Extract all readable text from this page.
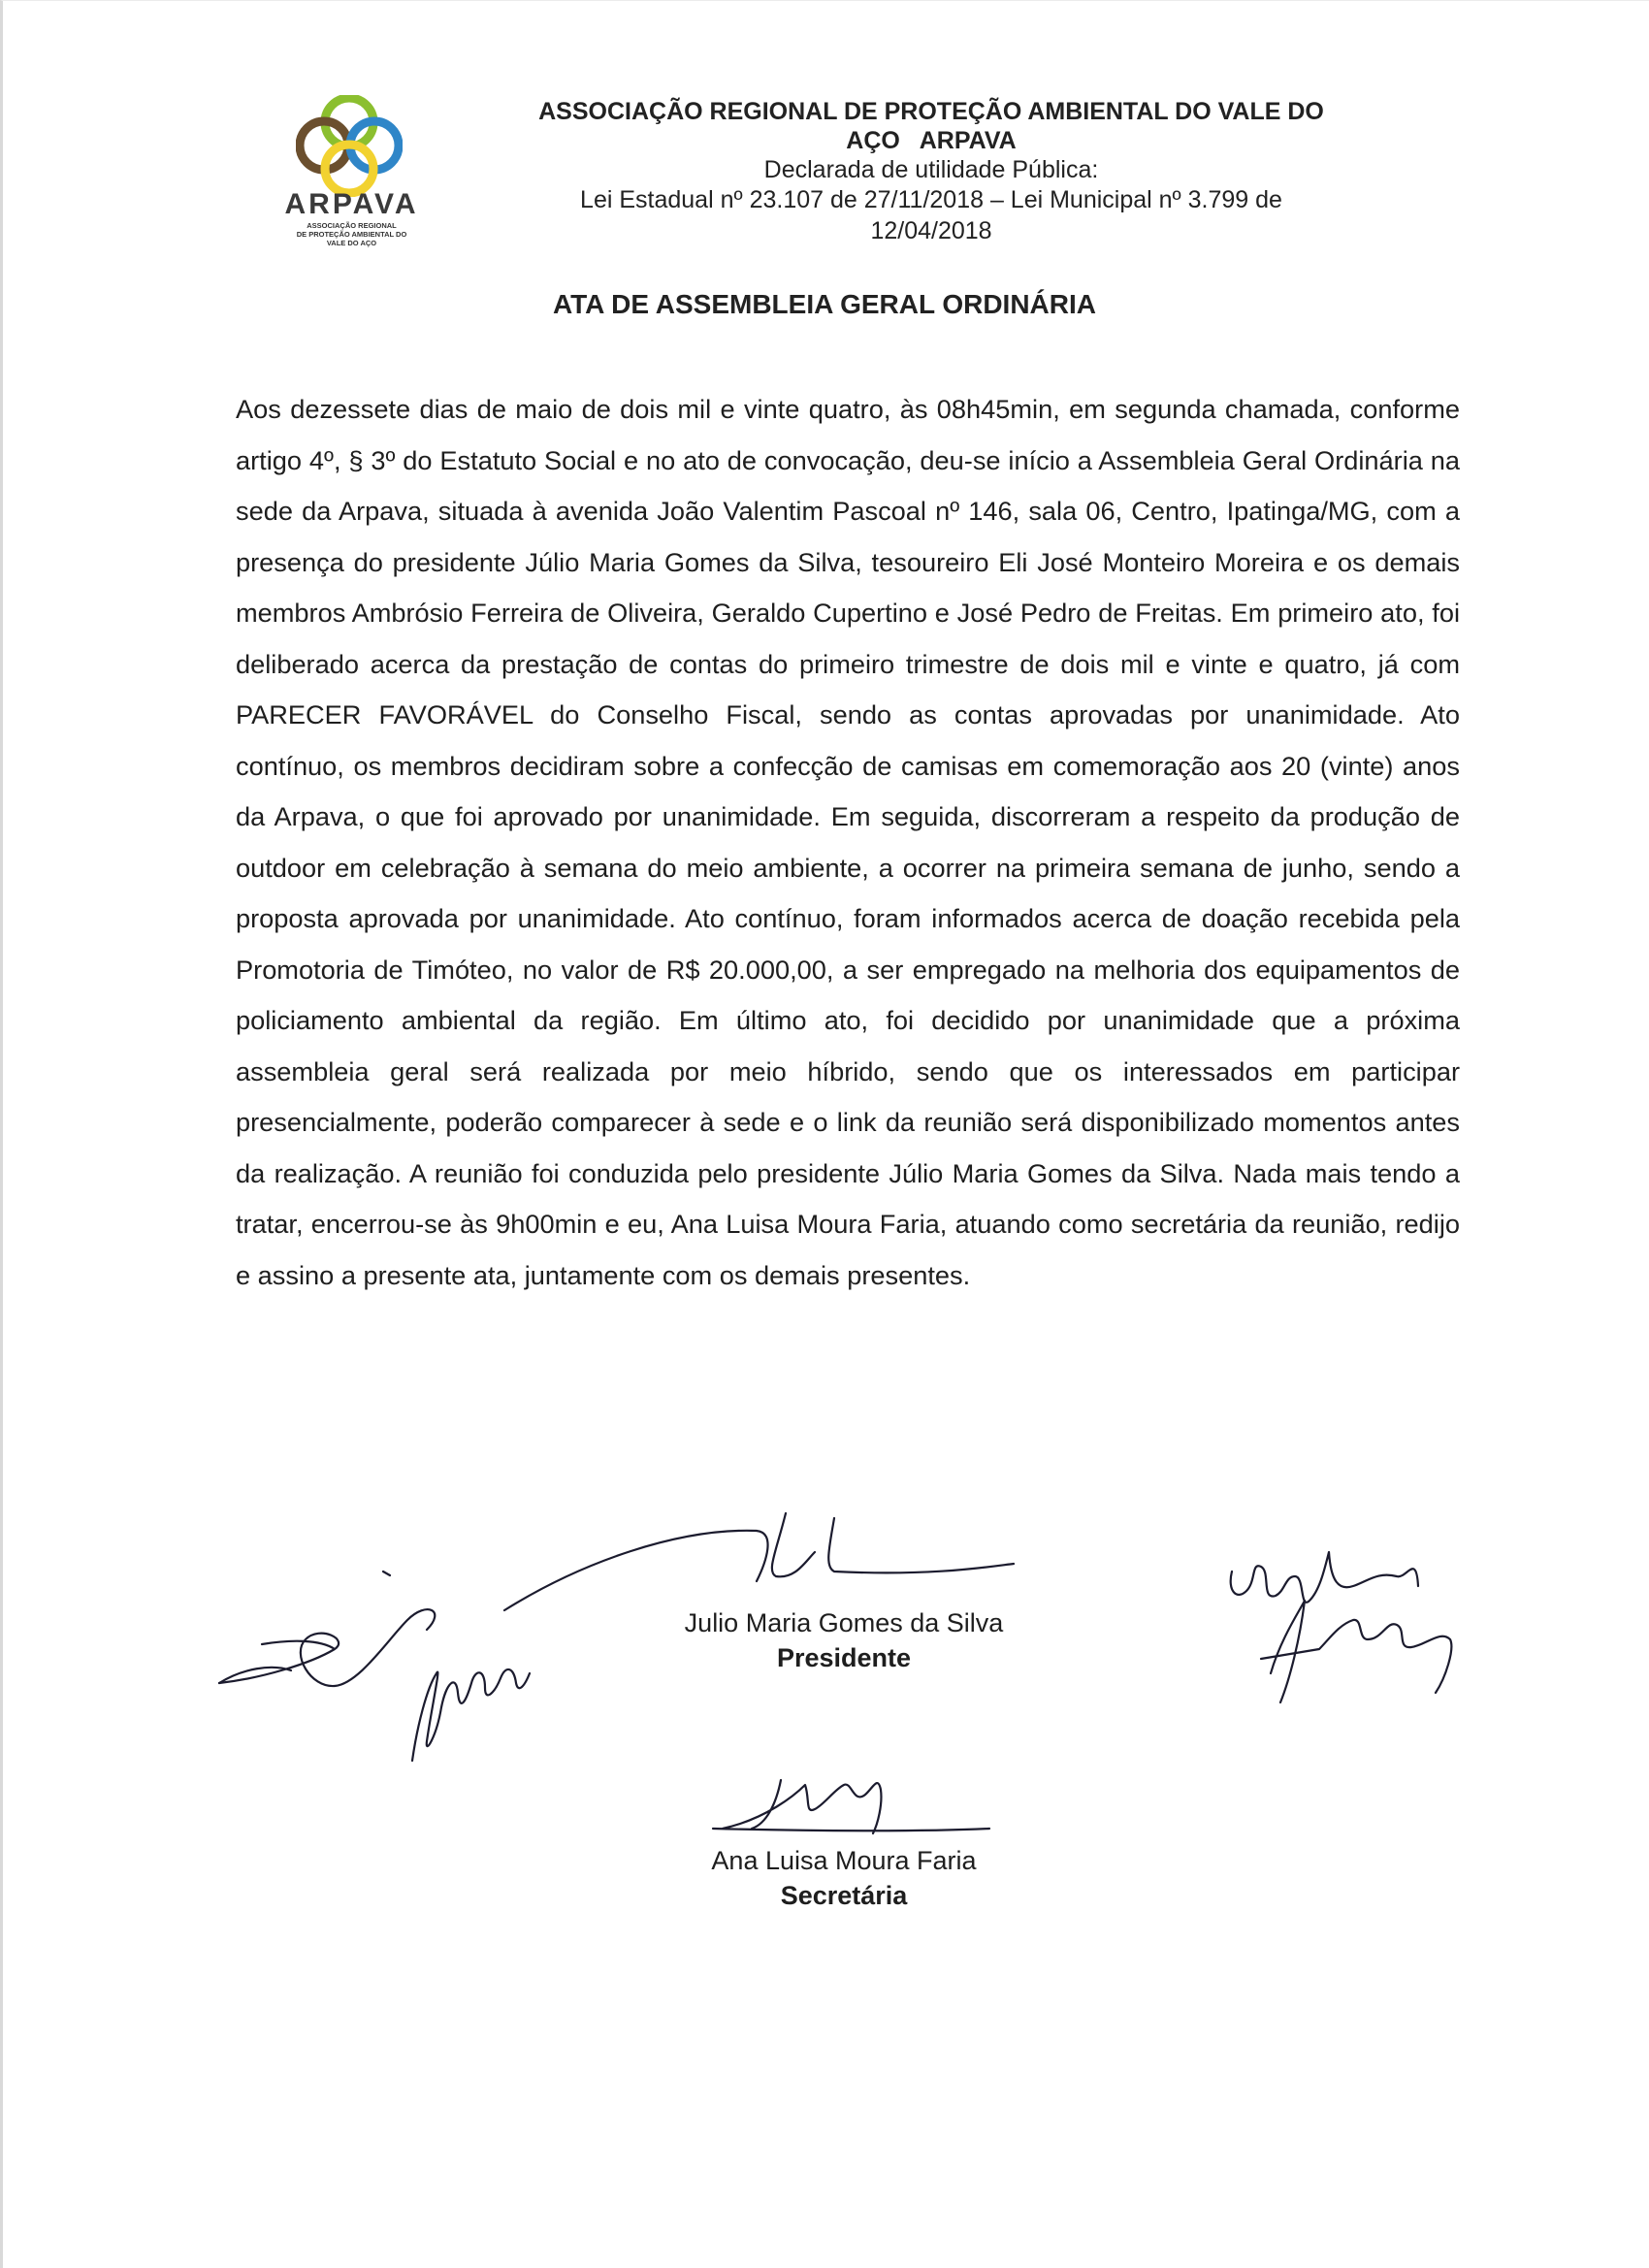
ARPAVA
ASSOCIAÇÃO REGIONAL
DE PROTEÇÃO AMBIENTAL DO
VALE DO AÇO

ASSOCIAÇÃO REGIONAL DE PROTEÇÃO AMBIENTAL DO VALE DO

AÇO   ARPAVA

Declarada de utilidade Pública:

Lei Estadual nº 23.107 de 27/11/2018 – Lei Municipal nº 3.799 de

12/04/2018

ATA DE ASSEMBLEIA GERAL ORDINÁRIA

Aos dezessete dias de maio de dois mil e vinte quatro, às 08h45min, em segunda chamada, conforme artigo 4º, § 3º do Estatuto Social e no ato de convocação, deu-se início a Assembleia Geral Ordinária na sede da Arpava, situada à avenida João Valentim Pascoal nº 146, sala 06, Centro, Ipatinga/MG, com a presença do presidente Júlio Maria Gomes da Silva, tesoureiro Eli José Monteiro Moreira e os demais membros Ambrósio Ferreira de Oliveira, Geraldo Cupertino e José Pedro de Freitas. Em primeiro ato, foi deliberado acerca da prestação de contas do primeiro trimestre de dois mil e vinte e quatro, já com PARECER FAVORÁVEL do Conselho Fiscal, sendo as contas aprovadas por unanimidade. Ato contínuo, os membros decidiram sobre a confecção de camisas em comemoração aos 20 (vinte) anos da Arpava, o que foi aprovado por unanimidade. Em seguida, discorreram a respeito da produção de outdoor em celebração à semana do meio ambiente, a ocorrer na primeira semana de junho, sendo a proposta aprovada por unanimidade. Ato contínuo, foram informados acerca de doação recebida pela Promotoria de Timóteo, no valor de R$ 20.000,00, a ser empregado na melhoria dos equipamentos de policiamento ambiental da região. Em último ato, foi decidido por unanimidade que a próxima assembleia geral será realizada por meio híbrido, sendo que os interessados em participar presencialmente, poderão comparecer à sede e o link da reunião será disponibilizado momentos antes da realização. A reunião foi conduzida pelo presidente Júlio Maria Gomes da Silva. Nada mais tendo a tratar, encerrou-se às 9h00min e eu, Ana Luisa Moura Faria, atuando como secretária da reunião, redijo e assino a presente ata, juntamente com os demais presentes.

Julio Maria Gomes da Silva
Presidente
Ana Luisa Moura Faria
Secretária
